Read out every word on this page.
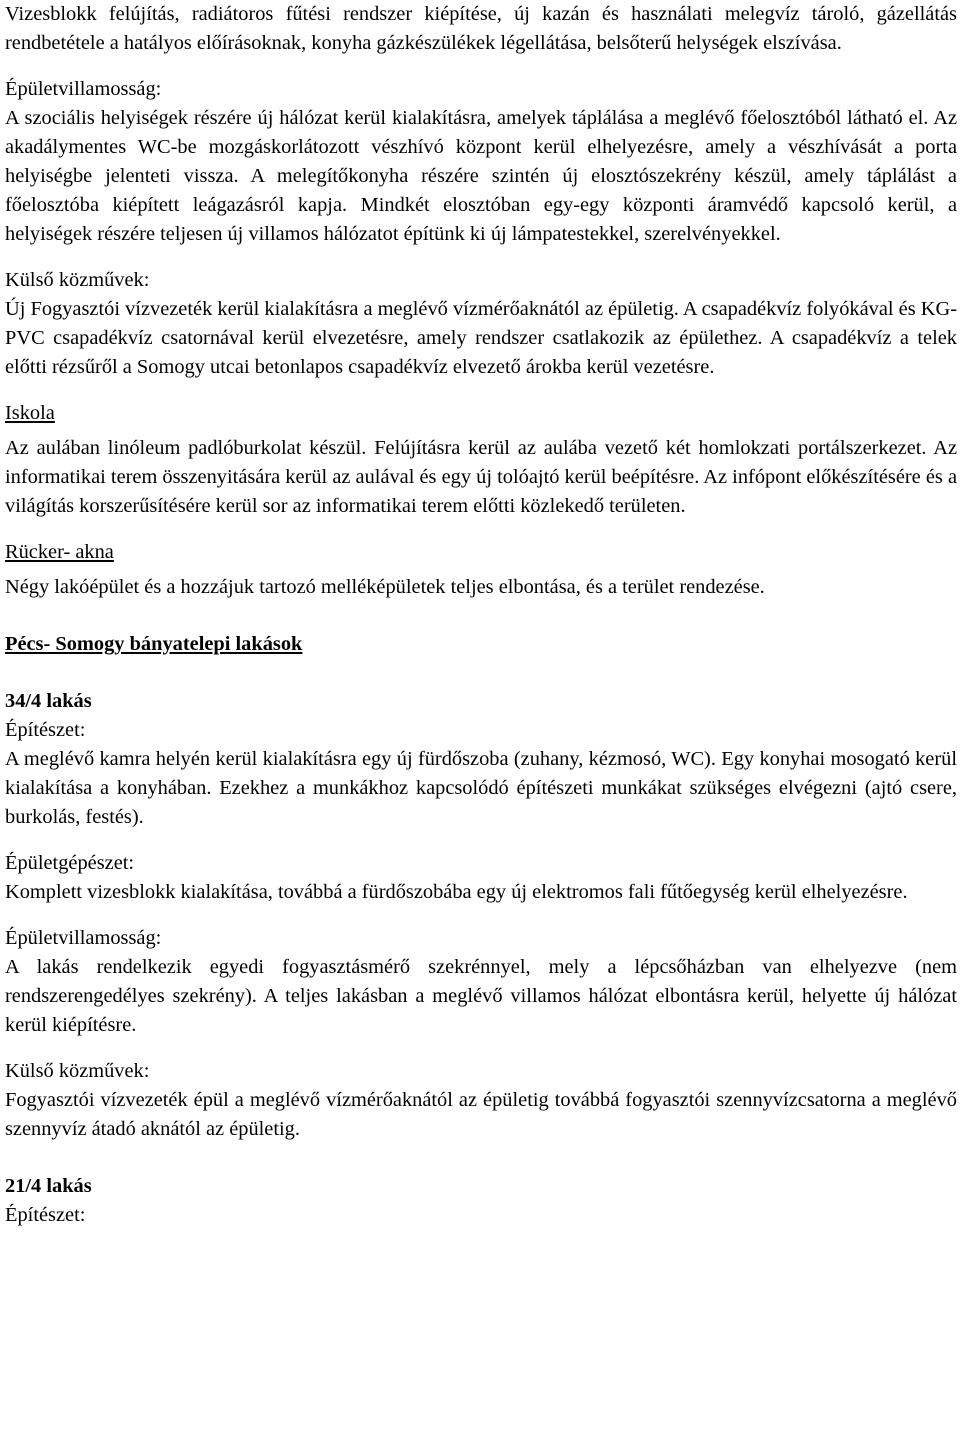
Vizesblokk felújítás, radiátoros fűtési rendszer kiépítése, új kazán és használati melegvíz tároló, gázellátás rendbetétele a hatályos előírásoknak, konyha gázkészülékek légellátása, belsőterű helységek elszívása.

Épületvillamosság:

A szociális helyiségek részére új hálózat kerül kialakításra, amelyek táplálása a meglévő főelosztóból látható el. Az akadálymentes WC-be mozgáskorlátozott vészhívó központ kerül elhelyezésre, amely a vészhívását a porta helyiségbe jelenteti vissza. A melegítőkonyha részére szintén új elosztószekrény készül, amely táplálást a főelosztóba kiépített leágazásról kapja. Mindkét elosztóban egy-egy központi áramvédő kapcsoló kerül, a helyiségek részére teljesen új villamos hálózatot építünk ki új lámpatestekkel, szerelvényekkel.

Külső közművek:

Új Fogyasztói vízvezeték kerül kialakításra a meglévő vízmérőaknától az épületig. A csapadékvíz folyókával és KG-PVC csapadékvíz csatornával kerül elvezetésre, amely rendszer csatlakozik az épülethez. A csapadékvíz a telek előtti rézsűről a Somogy utcai betonlapos csapadékvíz elvezető árokba kerül vezetésre.

Iskola

Az aulában linóleum padlóburkolat készül. Felújításra kerül az aulába vezető két homlokzati portálszerkezet. Az informatikai terem összenyitására kerül az aulával és egy új tolóajtó kerül beépítésre. Az infópont előkészítésére és a világítás korszerűsítésére kerül sor az informatikai terem előtti közlekedő területen.

Rücker- akna

Négy lakóépület és a hozzájuk tartozó melléképületek teljes elbontása, és a terület rendezése.

Pécs- Somogy bányatelepi lakások

34/4 lakás

Építészet:

A meglévő kamra helyén kerül kialakításra egy új fürdőszoba (zuhany, kézmosó, WC). Egy konyhai mosogató kerül kialakítása a konyhában. Ezekhez a munkákhoz kapcsolódó építészeti munkákat szükséges elvégezni (ajtó csere, burkolás, festés).

Épületgépészet:

Komplett vizesblokk kialakítása, továbbá a fürdőszobába egy új elektromos fali fűtőegység kerül elhelyezésre.

Épületvillamosság:

A lakás rendelkezik egyedi fogyasztásmérő szekrénnyel, mely a lépcsőházban van elhelyezve (nem rendszerengedélyes szekrény). A teljes lakásban a meglévő villamos hálózat elbontásra kerül, helyette új hálózat kerül kiépítésre.

Külső közművek:

Fogyasztói vízvezeték épül a meglévő vízmérőaknától az épületig továbbá fogyasztói szennyvízcsatorna a meglévő szennyvíz átadó aknától az épületig.

21/4 lakás

Építészet:
